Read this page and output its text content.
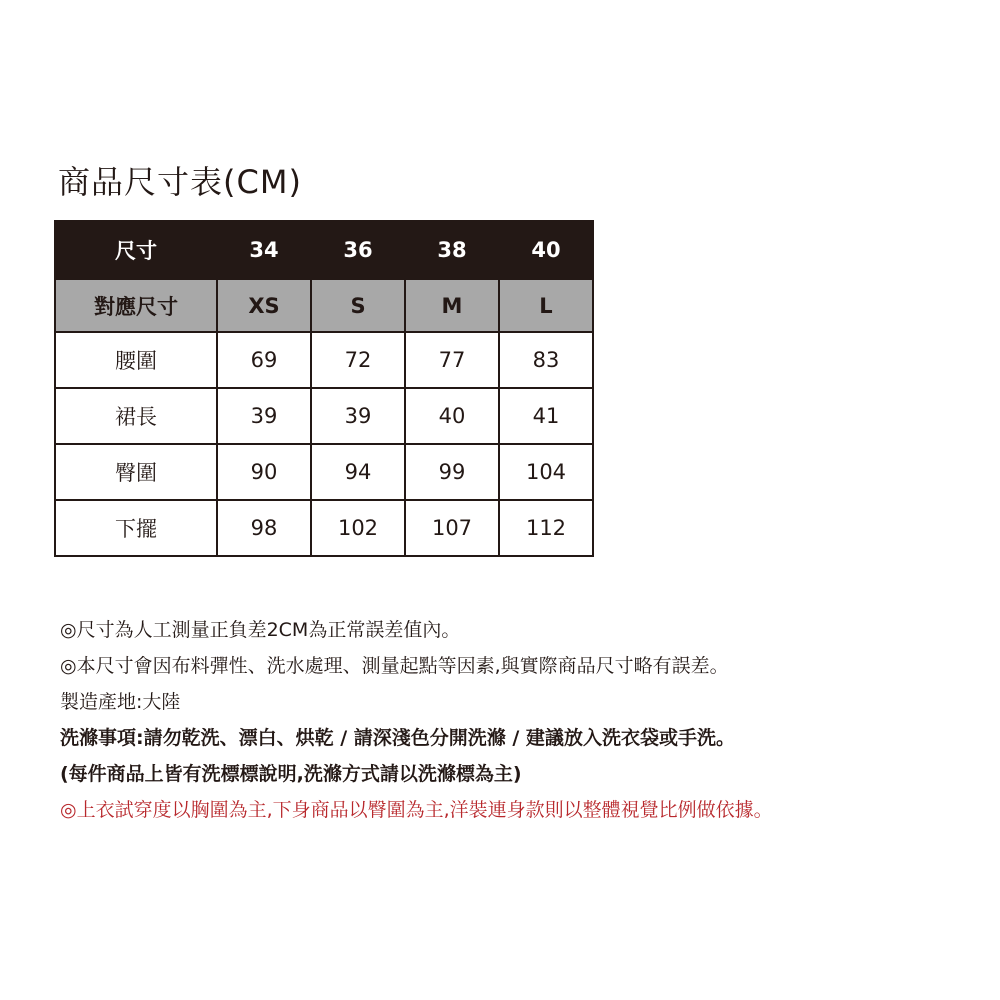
商品尺寸表(CM)
尺寸	34	36	38	40
對應尺寸	XS	S	M	L
腰圍	69	72	77	83
裙長	39	39	40	41
臀圍	90	94	99	104
下擺	98	102	107	112
◎尺寸為人工測量正負差2CM為正常誤差值內。
◎本尺寸會因布料彈性、洗水處理、測量起點等因素,與實際商品尺寸略有誤差。
製造產地:大陸
洗滌事項:請勿乾洗、漂白、烘乾 / 請深淺色分開洗滌 / 建議放入洗衣袋或手洗。
(每件商品上皆有洗標標說明,洗滌方式請以洗滌標為主)
◎上衣試穿度以胸圍為主,下身商品以臀圍為主,洋裝連身款則以整體視覺比例做依據。
